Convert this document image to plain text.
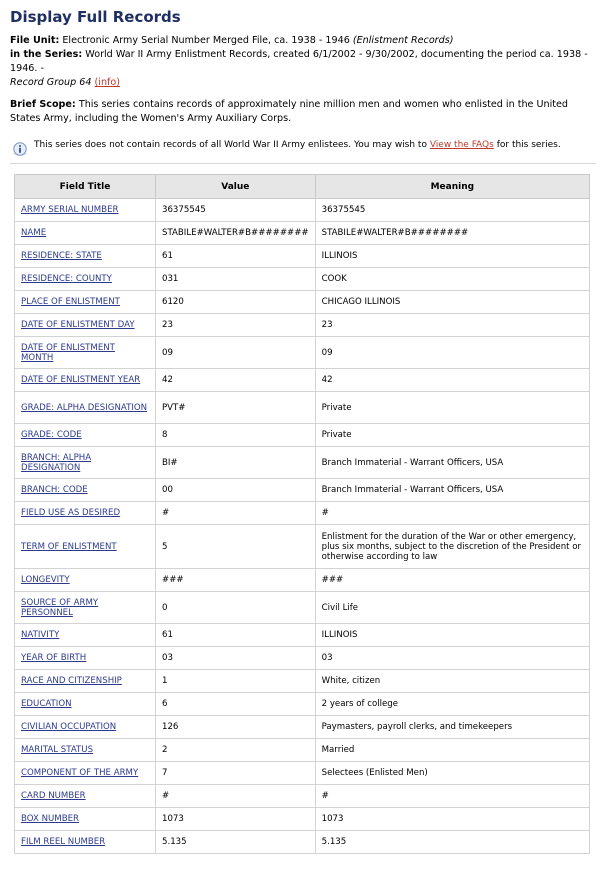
Display Full Records
File Unit: Electronic Army Serial Number Merged File, ca. 1938 - 1946 (Enlistment Records)
in the Series: World War II Army Enlistment Records, created 6/1/2002 - 9/30/2002, documenting the period ca. 1938 - 1946. -
Record Group 64 (info)
Brief Scope: This series contains records of approximately nine million men and women who enlisted in the United States Army, including the Women's Army Auxiliary Corps.
This series does not contain records of all World War II Army enlistees. You may wish to View the FAQs for this series.
Field Title	Value	Meaning
ARMY SERIAL NUMBER	36375545	36375545
NAME	STABILE#WALTER#B########	STABILE#WALTER#B########
RESIDENCE: STATE	61	ILLINOIS
RESIDENCE: COUNTY	031	COOK
PLACE OF ENLISTMENT	6120	CHICAGO ILLINOIS
DATE OF ENLISTMENT DAY	23	23
DATE OF ENLISTMENT MONTH	09	09
DATE OF ENLISTMENT YEAR	42	42
GRADE: ALPHA DESIGNATION	PVT#	Private
GRADE: CODE	8	Private
BRANCH: ALPHA DESIGNATION	BI#	Branch Immaterial - Warrant Officers, USA
BRANCH: CODE	00	Branch Immaterial - Warrant Officers, USA
FIELD USE AS DESIRED	#	#
TERM OF ENLISTMENT	5	Enlistment for the duration of the War or other emergency, plus six months, subject to the discretion of the President or otherwise according to law
LONGEVITY	###	###
SOURCE OF ARMY PERSONNEL	0	Civil Life
NATIVITY	61	ILLINOIS
YEAR OF BIRTH	03	03
RACE AND CITIZENSHIP	1	White, citizen
EDUCATION	6	2 years of college
CIVILIAN OCCUPATION	126	Paymasters, payroll clerks, and timekeepers
MARITAL STATUS	2	Married
COMPONENT OF THE ARMY	7	Selectees (Enlisted Men)
CARD NUMBER	#	#
BOX NUMBER	1073	1073
FILM REEL NUMBER	5.135	5.135
